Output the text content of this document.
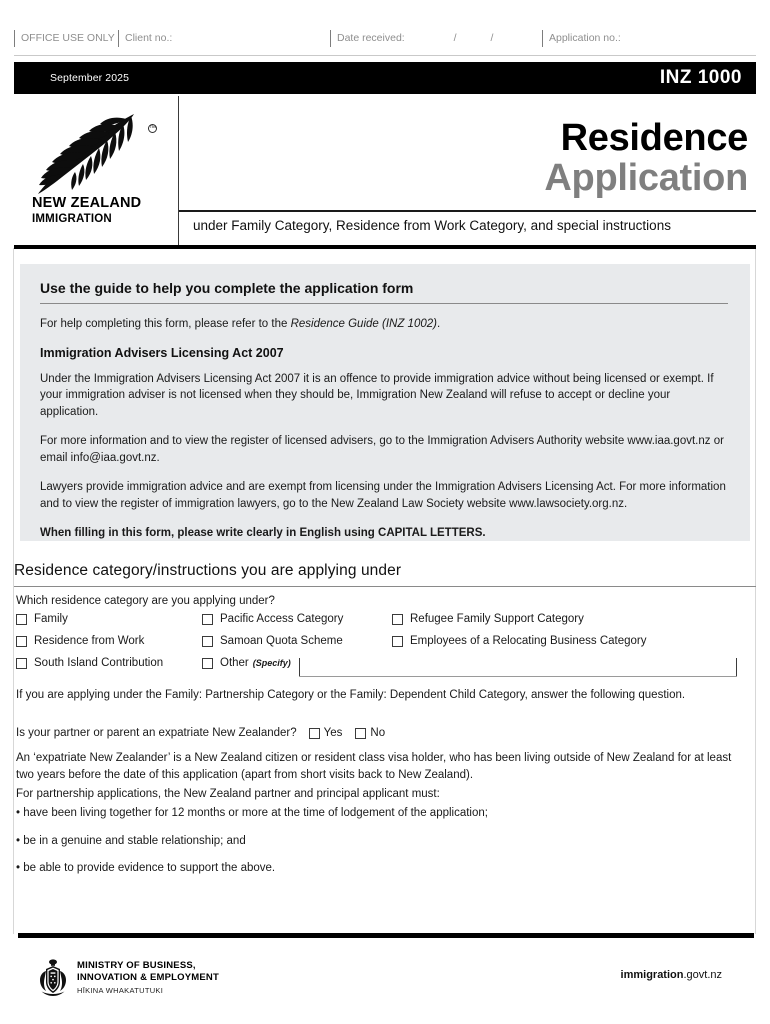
OFFICE USE ONLY Client no.:	Date received:	/	/	Application no.:
September 2025	INZ 1000
™
NEW ZEALAND
IMMIGRATION
Residence
Application
under Family Category, Residence from Work Category, and special instructions
Use the guide to help you complete the application form
For help completing this form, please refer to the Residence Guide (INZ 1002).
Immigration Advisers Licensing Act 2007
Under the Immigration Advisers Licensing Act 2007 it is an offence to provide immigration advice without being licensed or exempt. If your immigration adviser is not licensed when they should be, Immigration New Zealand will refuse to accept or decline your application.
For more information and to view the register of licensed advisers, go to the Immigration Advisers Authority website www.iaa.govt.nz or email info@iaa.govt.nz.
Lawyers provide immigration advice and are exempt from licensing under the Immigration Advisers Licensing Act. For more information and to view the register of immigration lawyers, go to the New Zealand Law Society website www.lawsociety.org.nz.
When filling in this form, please write clearly in English using CAPITAL LETTERS.
Residence category/instructions you are applying under
Which residence category are you applying under?
Family	Pacific Access Category	Refugee Family Support Category
Residence from Work	Samoan Quota Scheme	Employees of a Relocating Business Category
South Island Contribution	Other (Specify)
If you are applying under the Family: Partnership Category or the Family: Dependent Child Category, answer the following question.
Is your partner or parent an expatriate New Zealander? Yes No
An ‘expatriate New Zealander’ is a New Zealand citizen or resident class visa holder, who has been living outside of New Zealand for at least two years before the date of this application (apart from short visits back to New Zealand).
For partnership applications, the New Zealand partner and principal applicant must:
• have been living together for 12 months or more at the time of lodgement of the application;
• be in a genuine and stable relationship; and
• be able to provide evidence to support the above.
MINISTRY OF BUSINESS,
INNOVATION & EMPLOYMENT
HĪKINA WHAKATUTUKI
immigration.govt.nz
